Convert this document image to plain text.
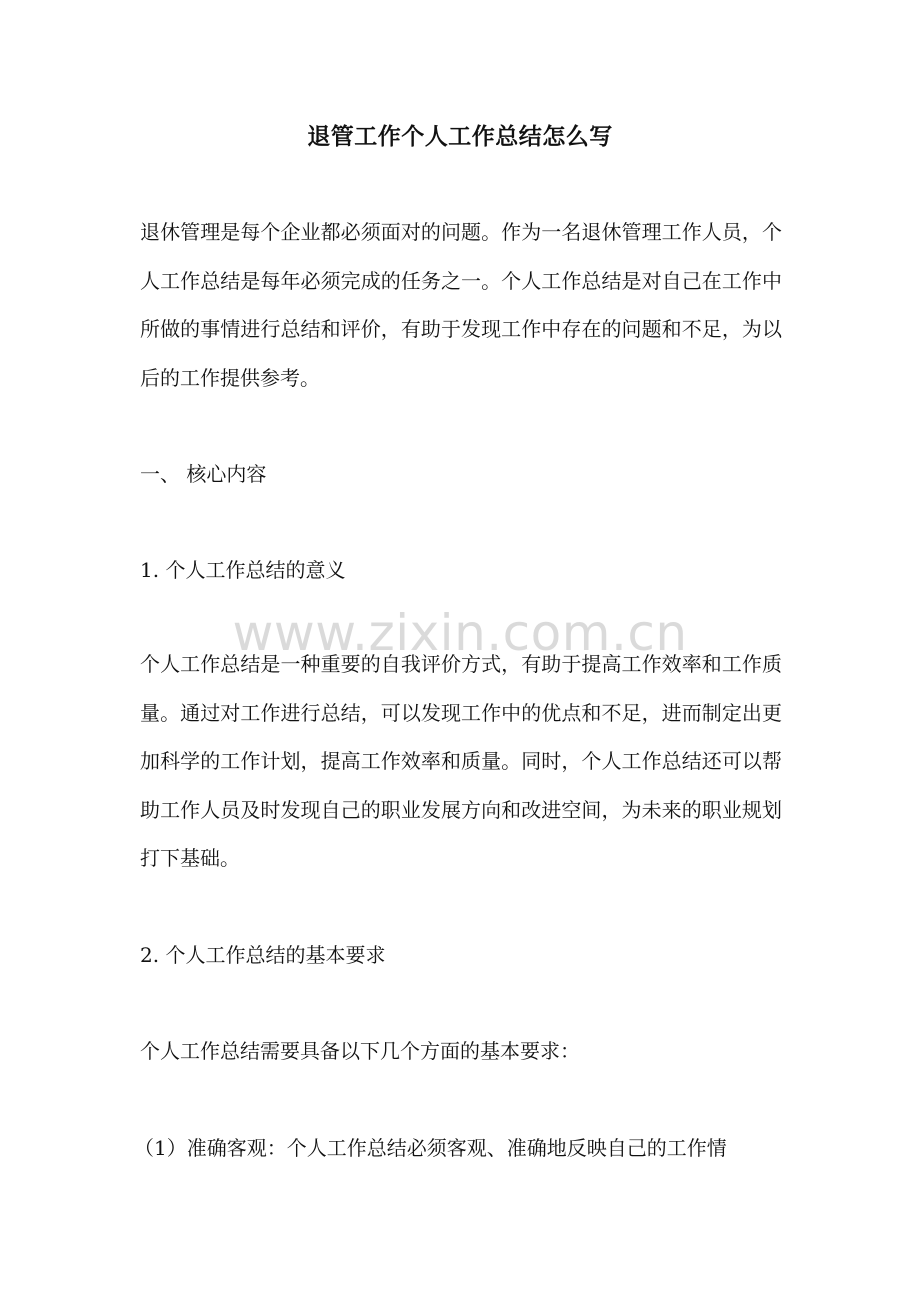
退管工作个人工作总结怎么写
退休管理是每个企业都必须面对的问题。作为一名退休管理工作人员，个人工作总结是每年必须完成的任务之一。个人工作总结是对自己在工作中所做的事情进行总结和评价，有助于发现工作中存在的问题和不足，为以后的工作提供参考。
一、 核心内容
1. 个人工作总结的意义
个人工作总结是一种重要的自我评价方式，有助于提高工作效率和工作质量。通过对工作进行总结，可以发现工作中的优点和不足，进而制定出更加科学的工作计划，提高工作效率和质量。同时，个人工作总结还可以帮助工作人员及时发现自己的职业发展方向和改进空间，为未来的职业规划打下基础。
2. 个人工作总结的基本要求
个人工作总结需要具备以下几个方面的基本要求：
（1）准确客观：个人工作总结必须客观、准确地反映自己的工作情
www.zixin.com.cn
